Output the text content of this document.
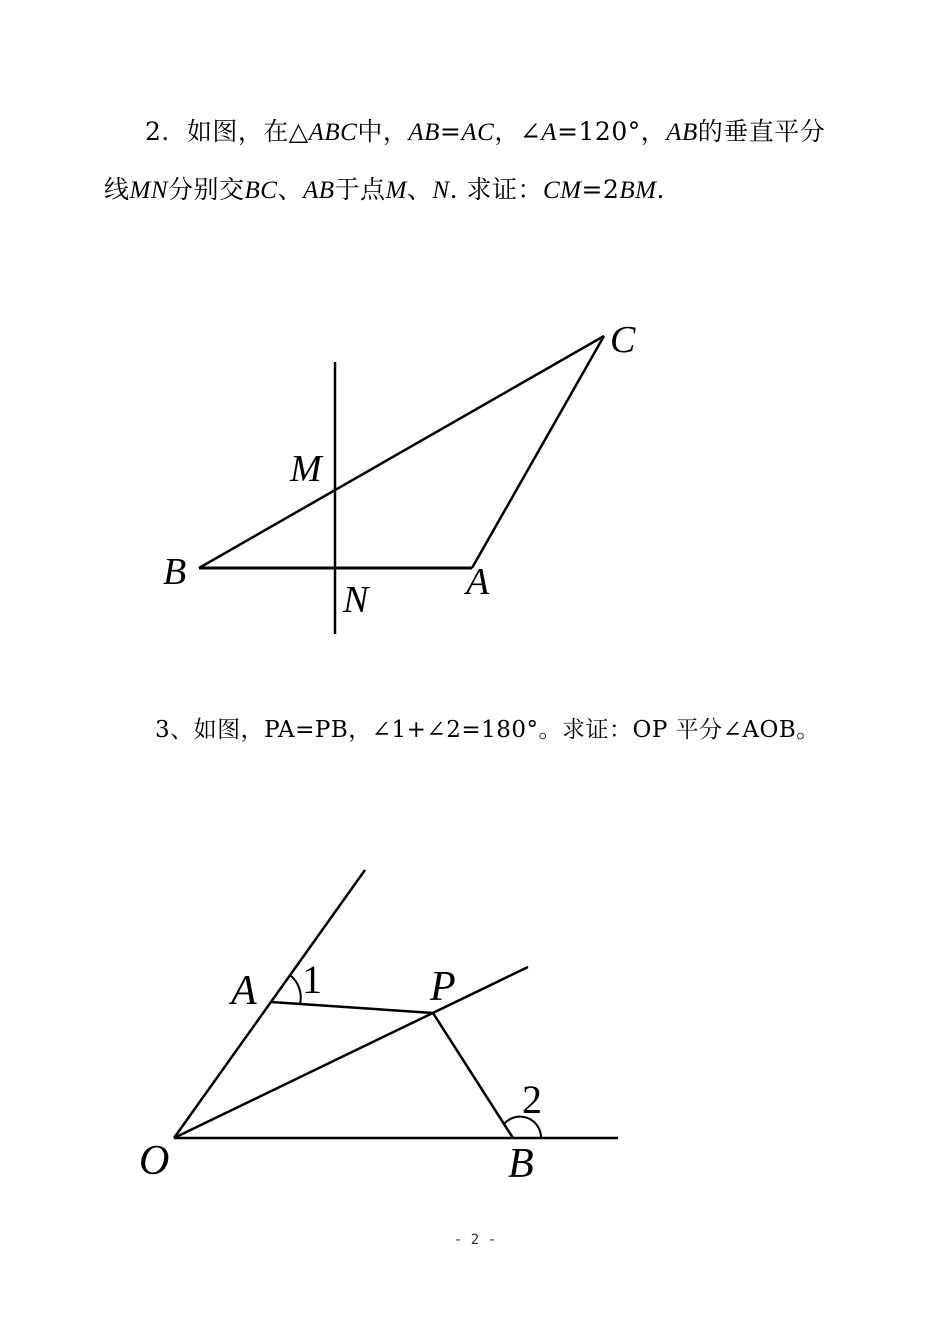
2．如图，在△ABC中，AB=AC，∠A=120°，AB的垂直平分
线MN分别交BC、AB于点M、N. 求证：CM=2BM.
C
M
B
N	A
3、如图，PA=PB，∠1+∠2=180°。求证：OP 平分∠AOB。
A	P
O	B
1
2
- 2 -
